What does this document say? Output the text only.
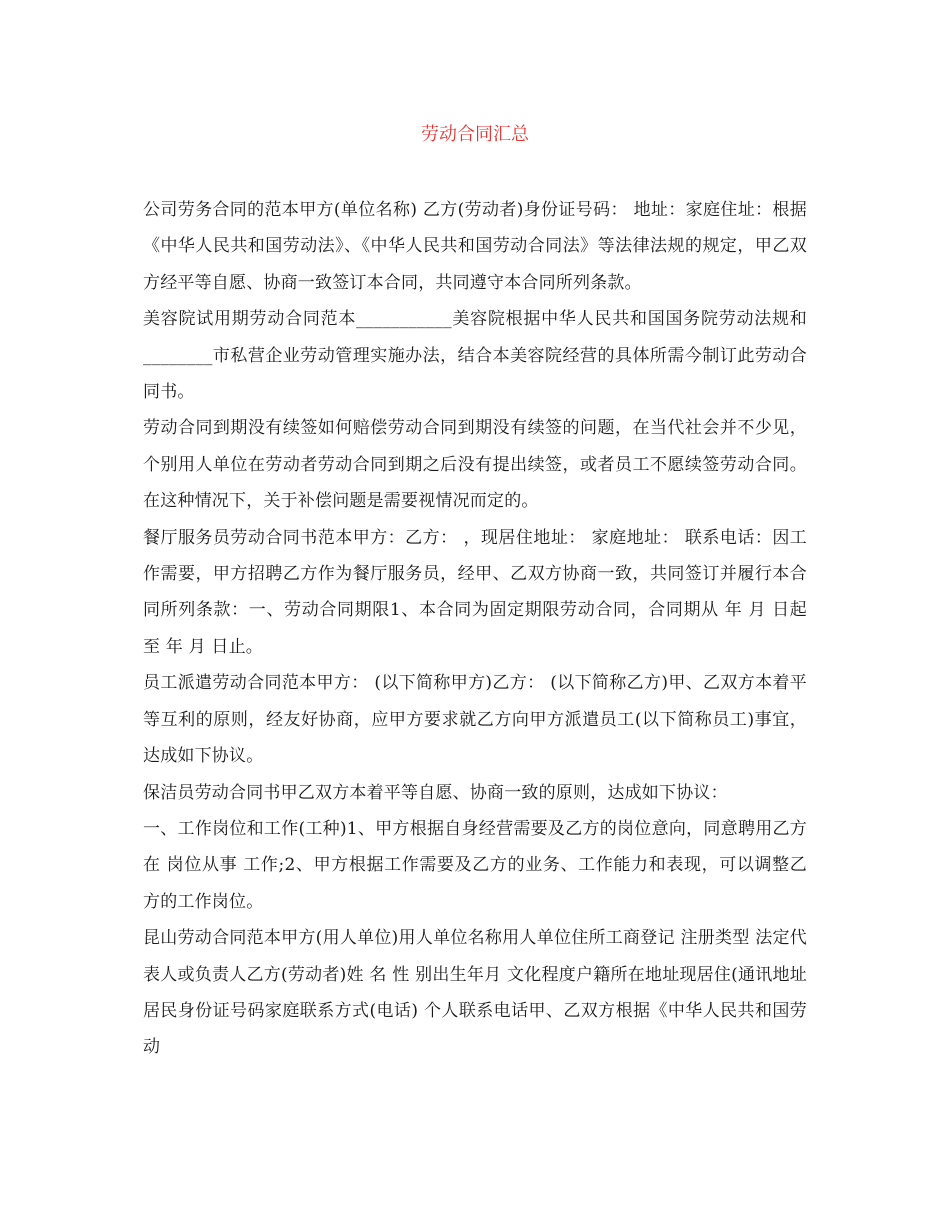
劳动合同汇总

公司劳务合同的范本甲方(单位名称) 乙方(劳动者)身份证号码： 地址：家庭住址：根据《中华人民共和国劳动法》、《中华人民共和国劳动合同法》等法律法规的规定，甲乙双方经平等自愿、协商一致签订本合同，共同遵守本合同所列条款。

美容院试用期劳动合同范本___________美容院根据中华人民共和国国务院劳动法规和________市私营企业劳动管理实施办法，结合本美容院经营的具体所需今制订此劳动合同书。

劳动合同到期没有续签如何赔偿劳动合同到期没有续签的问题，在当代社会并不少见，个别用人单位在劳动者劳动合同到期之后没有提出续签，或者员工不愿续签劳动合同。在这种情况下，关于补偿问题是需要视情况而定的。

餐厅服务员劳动合同书范本甲方：乙方： ，现居住地址： 家庭地址： 联系电话：因工作需要，甲方招聘乙方作为餐厅服务员，经甲、乙双方协商一致，共同签订并履行本合同所列条款：一、劳动合同期限1、本合同为固定期限劳动合同，合同期从 年 月 日起至 年 月 日止。

员工派遣劳动合同范本甲方： (以下简称甲方)乙方： (以下简称乙方)甲、乙双方本着平等互利的原则，经友好协商，应甲方要求就乙方向甲方派遣员工(以下简称员工)事宜，达成如下协议。

保洁员劳动合同书甲乙双方本着平等自愿、协商一致的原则，达成如下协议：

一、工作岗位和工作(工种)1、甲方根据自身经营需要及乙方的岗位意向，同意聘用乙方在 岗位从事 工作;2、甲方根据工作需要及乙方的业务、工作能力和表现，可以调整乙方的工作岗位。

昆山劳动合同范本甲方(用人单位)用人单位名称用人单位住所工商登记 注册类型 法定代表人或负责人乙方(劳动者)姓 名 性 别出生年月 文化程度户籍所在地址现居住(通讯地址 居民身份证号码家庭联系方式(电话) 个人联系电话甲、乙双方根据《中华人民共和国劳动
